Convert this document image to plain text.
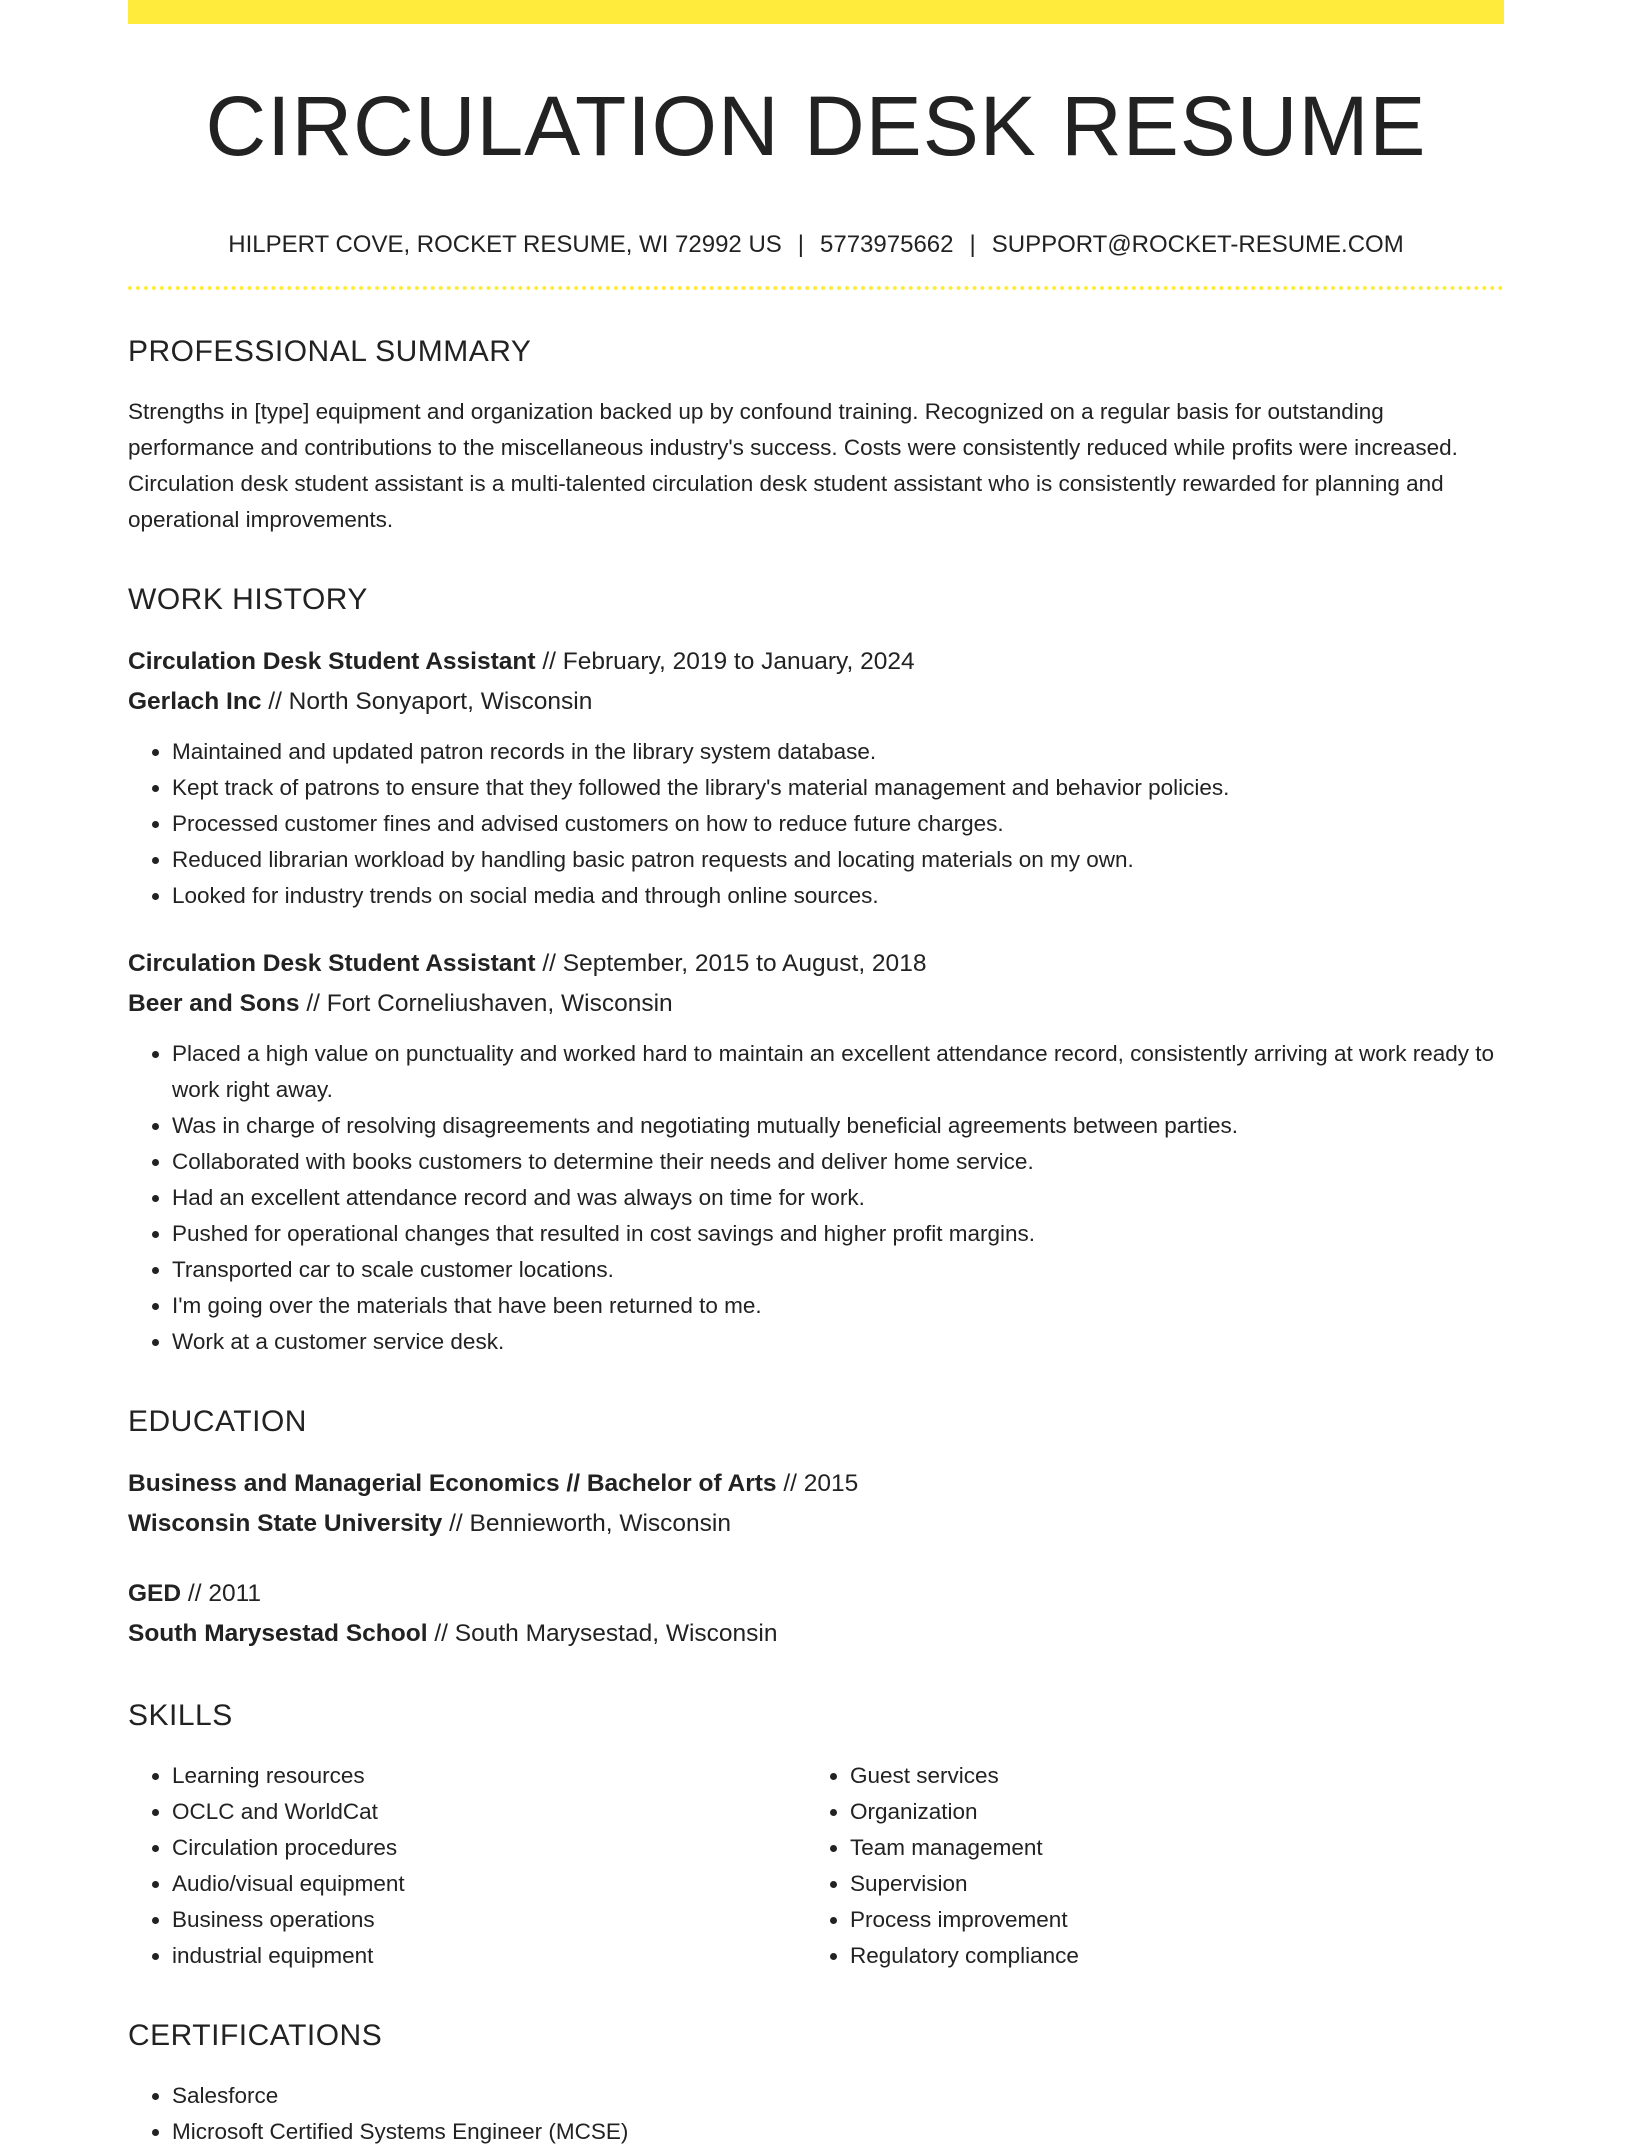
CIRCULATION DESK RESUME
HILPERT COVE, ROCKET RESUME, WI 72992 US | 5773975662 | SUPPORT@ROCKET-RESUME.COM
PROFESSIONAL SUMMARY

Strengths in [type] equipment and organization backed up by confound training. Recognized on a regular basis for outstanding performance and contributions to the miscellaneous industry's success. Costs were consistently reduced while profits were increased. Circulation desk student assistant is a multi-talented circulation desk student assistant who is consistently rewarded for planning and operational improvements.

WORK HISTORY

Circulation Desk Student Assistant // February, 2019 to January, 2024

Gerlach Inc // North Sonyaport, Wisconsin

• Maintained and updated patron records in the library system database.
• Kept track of patrons to ensure that they followed the library's material management and behavior policies.
• Processed customer fines and advised customers on how to reduce future charges.
• Reduced librarian workload by handling basic patron requests and locating materials on my own.
• Looked for industry trends on social media and through online sources.

Circulation Desk Student Assistant // September, 2015 to August, 2018

Beer and Sons // Fort Corneliushaven, Wisconsin

• Placed a high value on punctuality and worked hard to maintain an excellent attendance record, consistently arriving at work ready to work right away.
• Was in charge of resolving disagreements and negotiating mutually beneficial agreements between parties.
• Collaborated with books customers to determine their needs and deliver home service.
• Had an excellent attendance record and was always on time for work.
• Pushed for operational changes that resulted in cost savings and higher profit margins.
• Transported car to scale customer locations.
• I'm going over the materials that have been returned to me.
• Work at a customer service desk.
EDUCATION

Business and Managerial Economics // Bachelor of Arts // 2015

Wisconsin State University // Bennieworth, Wisconsin

GED // 2011

South Marysestad School // South Marysestad, Wisconsin

SKILLS
• Learning resources
• OCLC and WorldCat
• Circulation procedures
• Audio/visual equipment
• Business operations
• industrial equipment
• Guest services
• Organization
• Team management
• Supervision
• Process improvement
• Regulatory compliance
CERTIFICATIONS
• Salesforce
• Microsoft Certified Systems Engineer (MCSE)
